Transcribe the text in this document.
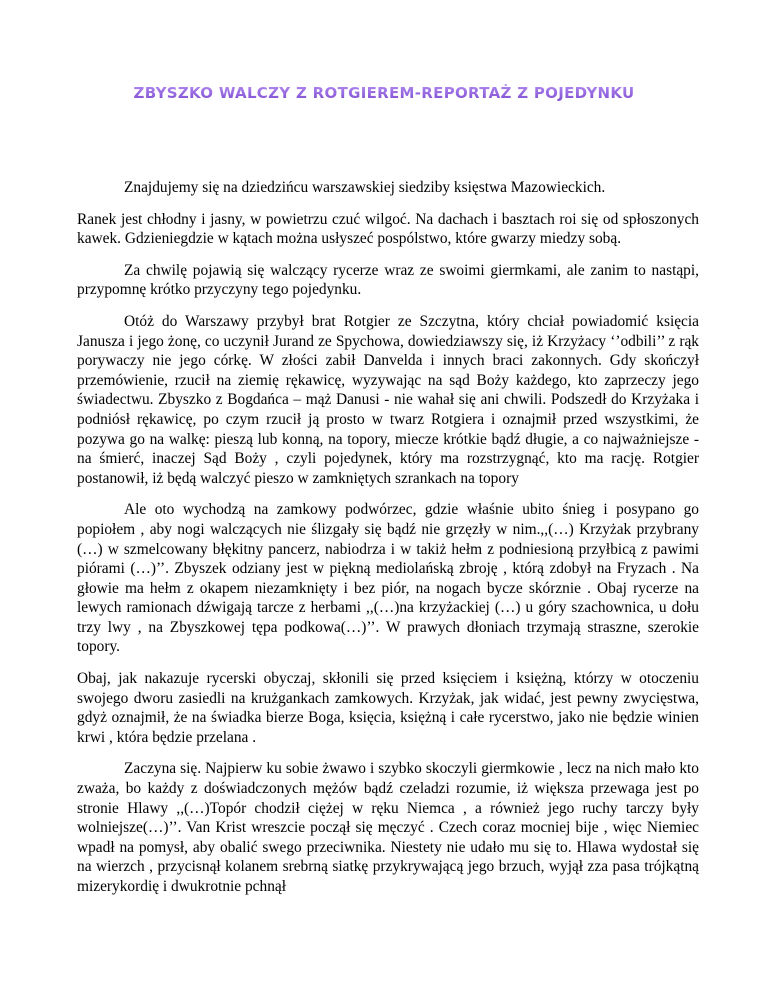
ZBYSZKO WALCZY Z ROTGIEREM-REPORTAŻ Z POJEDYNKU

Znajdujemy się na dziedzińcu warszawskiej siedziby księstwa Mazowieckich.

Ranek jest chłodny i jasny, w powietrzu czuć wilgoć. Na dachach i basztach roi się od spłoszonych kawek. Gdzieniegdzie w kątach można usłyszeć pospólstwo, które gwarzy miedzy sobą.

Za chwilę pojawią się walczący rycerze wraz ze swoimi giermkami, ale zanim to nastąpi, przypomnę krótko przyczyny tego pojedynku.

Otóż do Warszawy przybył brat Rotgier ze Szczytna, który chciał powiadomić księcia Janusza i jego żonę, co uczynił Jurand ze Spychowa, dowiedziawszy się, iż Krzyżacy ‘’odbili’’ z rąk porywaczy nie jego córkę. W złości zabił Danvelda i innych braci zakonnych. Gdy skończył przemówienie, rzucił na ziemię rękawicę, wyzywając na sąd Boży każdego, kto zaprzeczy jego świadectwu. Zbyszko z Bogdańca – mąż Danusi - nie wahał się ani chwili. Podszedł do Krzyżaka i podniósł rękawicę, po czym rzucił ją prosto w twarz Rotgiera i oznajmił przed wszystkimi, że pozywa go na walkę: pieszą lub konną, na topory, miecze krótkie bądź długie, a co najważniejsze - na śmierć, inaczej Sąd Boży , czyli pojedynek, który ma rozstrzygnąć, kto ma rację. Rotgier postanowił, iż będą walczyć pieszo w zamkniętych szrankach na topory

Ale oto wychodzą na zamkowy podwórzec, gdzie właśnie ubito śnieg i posypano go popiołem , aby nogi walczących nie ślizgały się bądź nie grzęzły w nim.,,(…) Krzyżak przybrany (…) w szmelcowany błękitny pancerz, nabiodrza i w takiż hełm z podniesioną przyłbicą z pawimi piórami (…)’’. Zbyszek odziany jest w piękną mediolańską zbroję , którą zdobył na Fryzach . Na głowie ma hełm z okapem niezamknięty i bez piór, na nogach bycze skórznie . Obaj rycerze na lewych ramionach dźwigają tarcze z herbami ,,(…)na krzyżackiej (…) u góry szachownica, u dołu trzy lwy , na Zbyszkowej tępa podkowa(…)’’. W prawych dłoniach trzymają straszne, szerokie topory.

Obaj, jak nakazuje rycerski obyczaj, skłonili się przed księciem i księżną, którzy w otoczeniu swojego dworu zasiedli na krużgankach zamkowych. Krzyżak, jak widać, jest pewny zwycięstwa, gdyż oznajmił, że na świadka bierze Boga, księcia, księżną i całe rycerstwo, jako nie będzie winien krwi , która będzie przelana .

Zaczyna się. Najpierw ku sobie żwawo i szybko skoczyli giermkowie , lecz na nich mało kto zważa, bo każdy z doświadczonych mężów bądź czeladzi rozumie, iż większa przewaga jest po stronie Hlawy ,,(…)Topór chodził ciężej w ręku Niemca , a również jego ruchy tarczy były wolniejsze(…)’’. Van Krist wreszcie począł się męczyć . Czech coraz mocniej bije , więc Niemiec wpadł na pomysł, aby obalić swego przeciwnika. Niestety nie udało mu się to. Hlawa wydostał się na wierzch , przycisnął kolanem srebrną siatkę przykrywającą jego brzuch, wyjął zza pasa trójkątną mizerykordię i dwukrotnie pchnął
